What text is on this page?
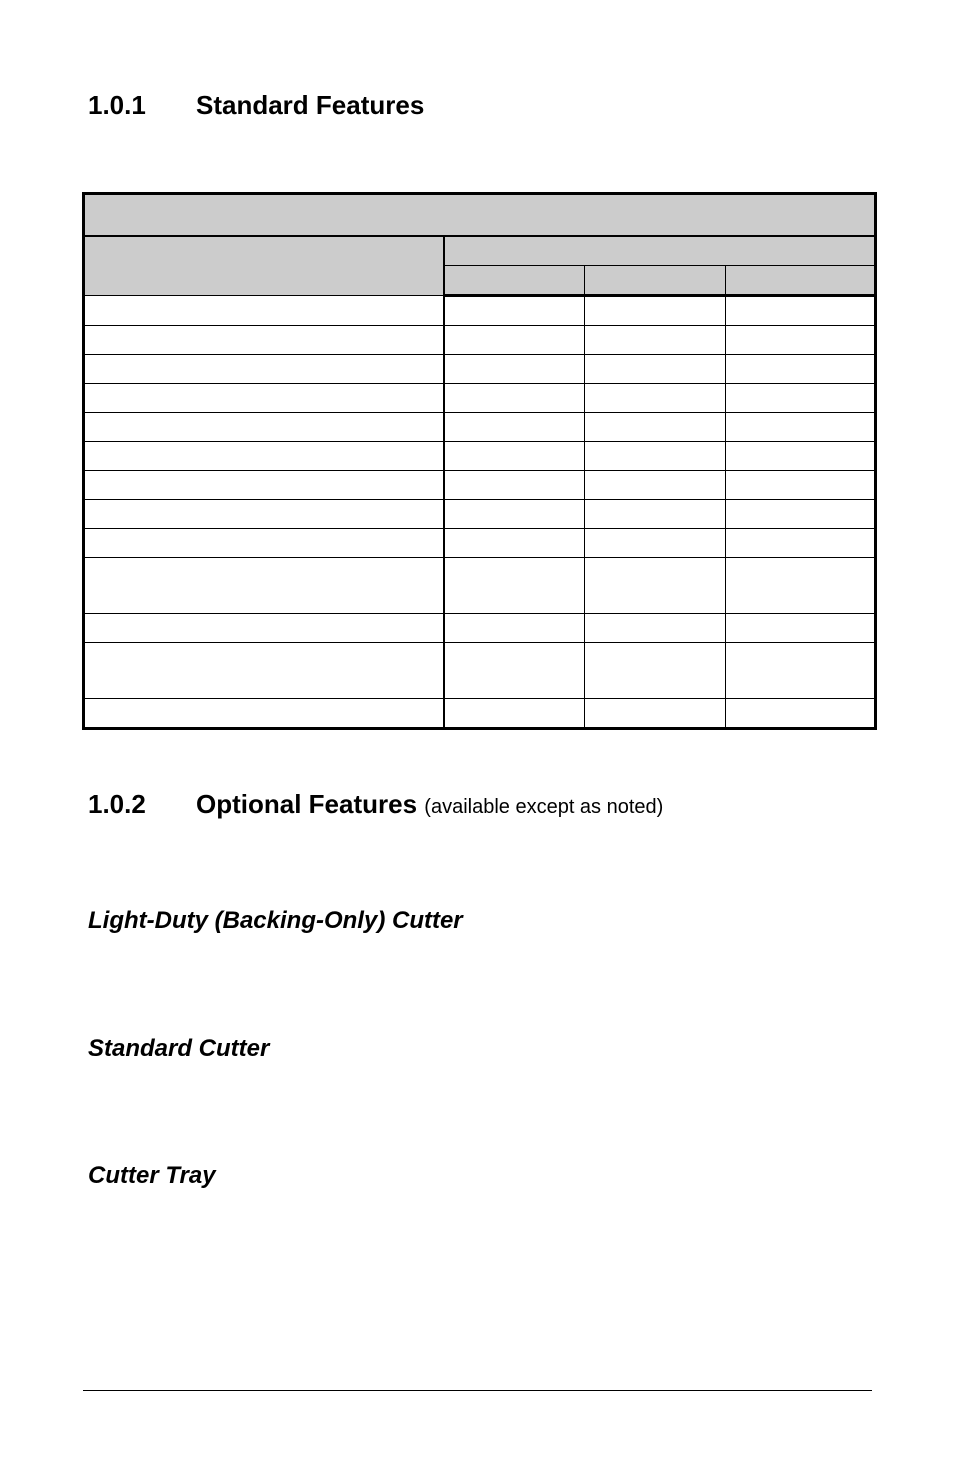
1.0.1 Standard Features

1.0.2 Optional Features (available except as noted)
Light-Duty (Backing-Only) Cutter
Standard Cutter
Cutter Tray
